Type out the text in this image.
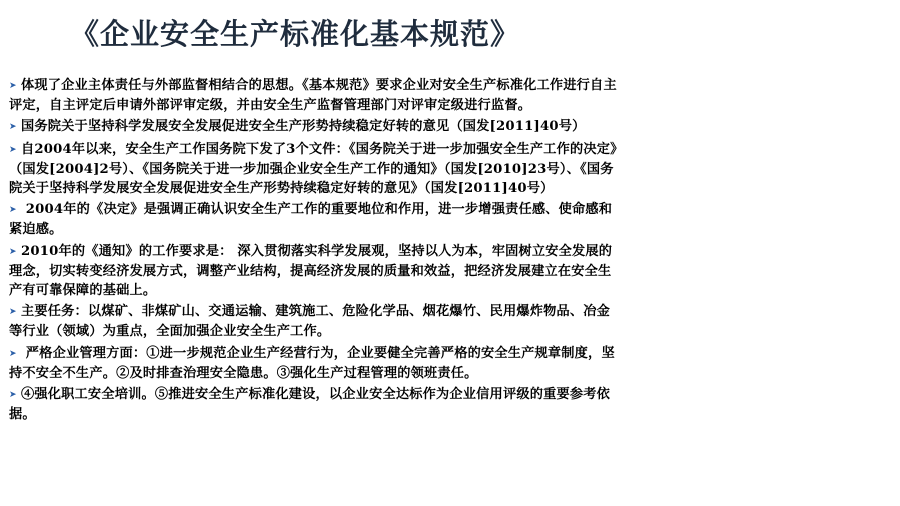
《企业安全生产标准化基本规范》

➤ 体现了企业主体责任与外部监督相结合的思想。《基本规范》要求企业对安全生产标准化工作进行自主评定，自主评定后申请外部评审定级，并由安全生产监督管理部门对评审定级进行监督。

➤ 国务院关于坚持科学发展安全发展促进安全生产形势持续稳定好转的意见（国发[2011]40号）

➤ 自2004年以来，安全生产工作国务院下发了3个文件：《国务院关于进一步加强安全生产工作的决定》（国发[2004]2号）、《国务院关于进一步加强企业安全生产工作的通知》（国发[2010]23号）、《国务院关于坚持科学发展安全发展促进安全生产形势持续稳定好转的意见》（国发[2011]40号）

➤ 2004年的《决定》是强调正确认识安全生产工作的重要地位和作用，进一步增强责任感、使命感和紧迫感。

➤ 2010年的《通知》的工作要求是： 深入贯彻落实科学发展观，坚持以人为本，牢固树立安全发展的理念，切实转变经济发展方式，调整产业结构，提高经济发展的质量和效益，把经济发展建立在安全生产有可靠保障的基础上。

➤ 主要任务：以煤矿、非煤矿山、交通运输、建筑施工、危险化学品、烟花爆竹、民用爆炸物品、冶金等行业（领域）为重点，全面加强企业安全生产工作。

➤ 严格企业管理方面：①进一步规范企业生产经营行为，企业要健全完善严格的安全生产规章制度，坚持不安全不生产。②及时排查治理安全隐患。③强化生产过程管理的领班责任。

➤ ④强化职工安全培训。⑤推进安全生产标准化建设，以企业安全达标作为企业信用评级的重要参考依据。
